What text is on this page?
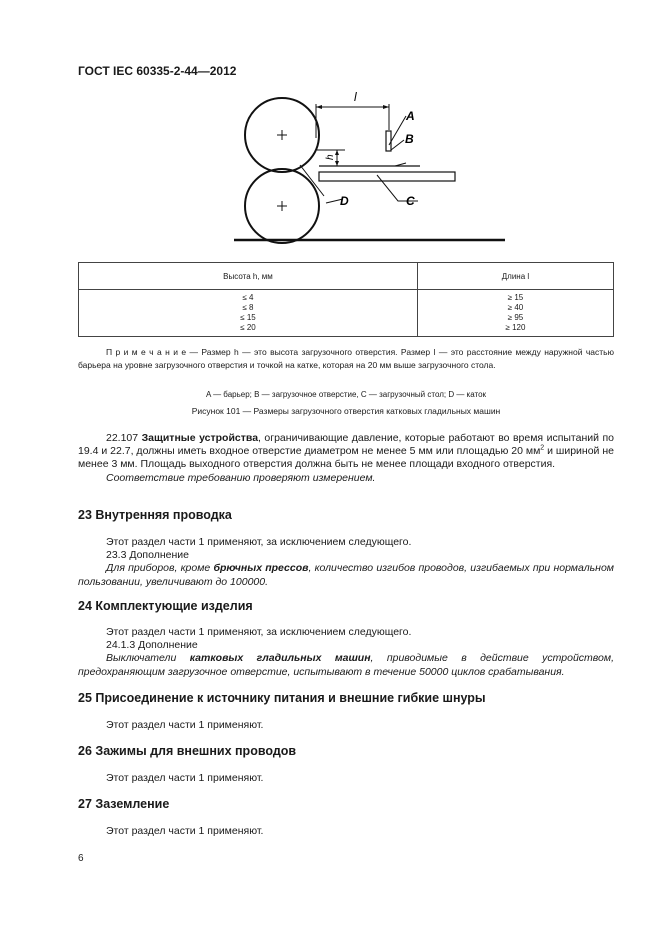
ГОСТ IEC 60335-2-44—2012
l
h
A
B
C
D
Высота h, мм	Длина l
≤ 4	≥ 15
≤ 8	≥ 40
≤ 15	≥ 95
≤ 20	≥ 120
П р и м е ч а н и е — Размер h — это высота загрузочного отверстия. Размер l — это расстояние между наружной частью барьера на уровне загрузочного отверстия и точкой на катке, которая на 20 мм выше загрузочного стола.
A — барьер; B — загрузочное отверстие, C — загрузочный стол; D — каток
Рисунок 101 — Размеры загрузочного отверстия катковых гладильных машин

22.107 Защитные устройства, ограничивающие давление, которые работают во время испытаний по 19.4 и 22.7, должны иметь входное отверстие диаметром не менее 5 мм или площадью 20 $мм^2$ и шириной не менее 3 мм. Площадь выходного отверстия должна быть не менее площади входного отверстия.

Соответствие требованию проверяют измерением.

23 Внутренняя проводка

Этот раздел части 1 применяют, за исключением следующего.

23.3 Дополнение

Для приборов, кроме брючных прессов, количество изгибов проводов, изгибаемых при нормальном пользовании, увеличивают до 100000.

24 Комплектующие изделия

Этот раздел части 1 применяют, за исключением следующего.

24.1.3 Дополнение

Выключатели катковых гладильных машин, приводимые в действие устройством, предохраняющим загрузочное отверстие, испытывают в течение 50000 циклов срабатывания.

25 Присоединение к источнику питания и внешние гибкие шнуры

Этот раздел части 1 применяют.

26 Зажимы для внешних проводов

Этот раздел части 1 применяют.

27 Заземление

Этот раздел части 1 применяют.

6
